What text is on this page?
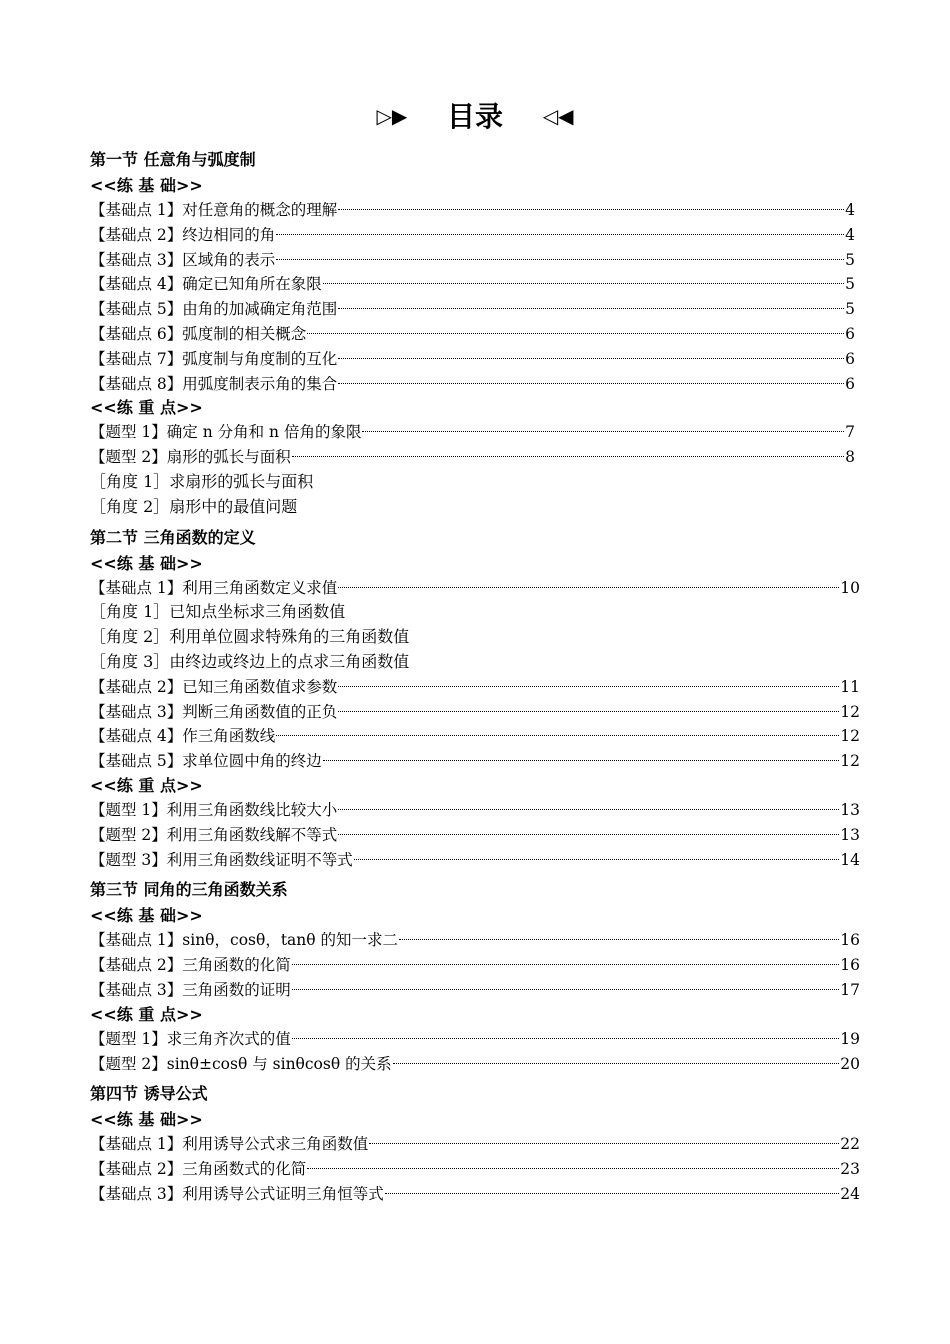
▷▶ 目录 ◁◀
第一节 任意角与弧度制
<<练 基 础>>
【基础点 1】对任意角的概念的理解	4
【基础点 2】终边相同的角	4
【基础点 3】区域角的表示	5
【基础点 4】确定已知角所在象限	5
【基础点 5】由角的加减确定角范围	5
【基础点 6】弧度制的相关概念	6
【基础点 7】弧度制与角度制的互化	6
【基础点 8】用弧度制表示角的集合	6
<<练 重 点>>
【题型 1】确定 n 分角和 n 倍角的象限	7
【题型 2】扇形的弧长与面积	8
［角度 1］求扇形的弧长与面积
［角度 2］扇形中的最值问题
第二节 三角函数的定义
<<练 基 础>>
【基础点 1】利用三角函数定义求值	10
［角度 1］已知点坐标求三角函数值
［角度 2］利用单位圆求特殊角的三角函数值
［角度 3］由终边或终边上的点求三角函数值
【基础点 2】已知三角函数值求参数	11
【基础点 3】判断三角函数值的正负	12
【基础点 4】作三角函数线	12
【基础点 5】求单位圆中角的终边	12
<<练 重 点>>
【题型 1】利用三角函数线比较大小	13
【题型 2】利用三角函数线解不等式	13
【题型 3】利用三角函数线证明不等式	14
第三节 同角的三角函数关系
<<练 基 础>>
【基础点 1】sinθ，cosθ，tanθ 的知一求二	16
【基础点 2】三角函数的化简	16
【基础点 3】三角函数的证明	17
<<练 重 点>>
【题型 1】求三角齐次式的值	19
【题型 2】sinθ±cosθ 与 sinθcosθ 的关系	20
第四节 诱导公式
<<练 基 础>>
【基础点 1】利用诱导公式求三角函数值	22
【基础点 2】三角函数式的化简	23
【基础点 3】利用诱导公式证明三角恒等式	24
